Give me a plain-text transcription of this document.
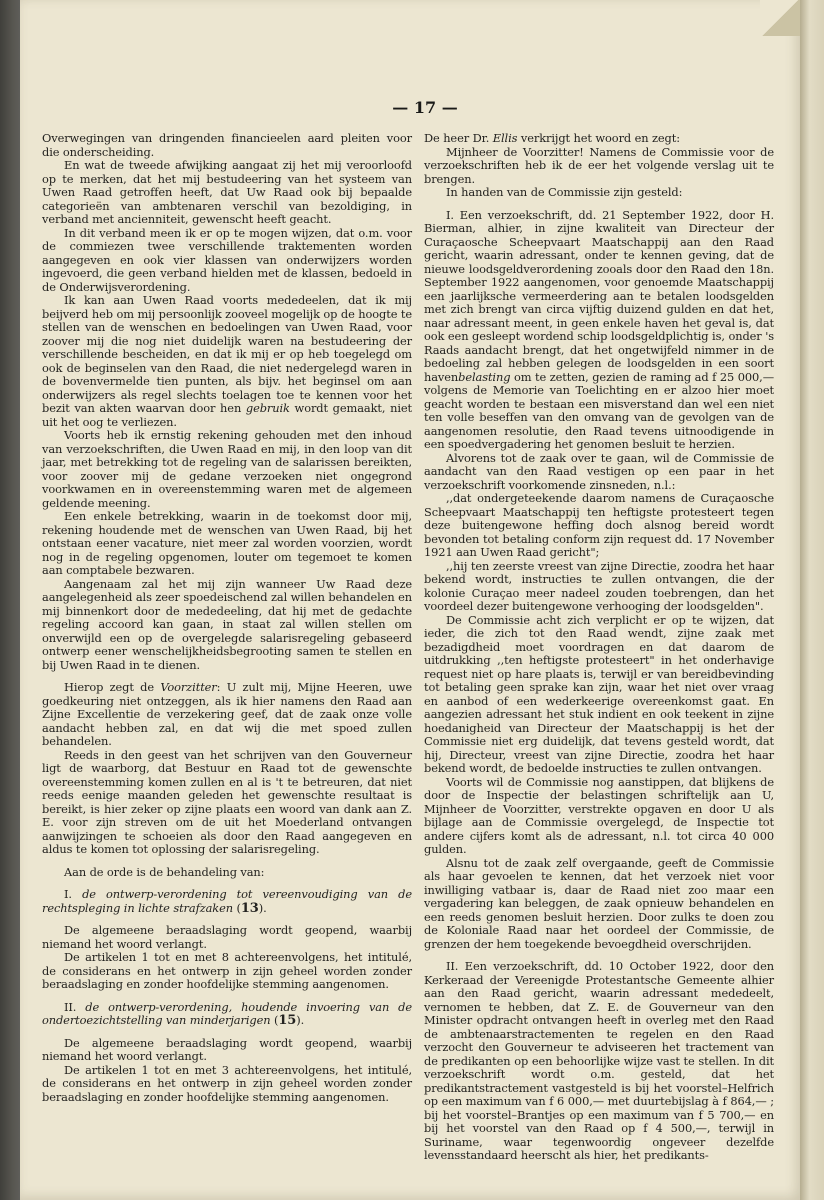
— 17 —

Overwegingen van dringenden financieelen aard pleiten voor die onderscheiding.

En wat de tweede afwijking aangaat zij het mij veroorloofd op te merken, dat het mij bestudeering van het systeem van Uwen Raad getroffen heeft, dat Uw Raad ook bij bepaalde categorieën van ambtenaren verschil van bezoldiging, in verband met ancienniteit, gewenscht heeft geacht.

In dit verband meen ik er op te mogen wijzen, dat o.m. voor de commiezen twee verschillende traktementen worden aangegeven en ook vier klassen van onderwijzers worden ingevoerd, die geen verband hielden met de klassen, bedoeld in de Onderwijsverordening.

Ik kan aan Uwen Raad voorts mededeelen, dat ik mij beijverd heb om mij persoonlijk zooveel mogelijk op de hoogte te stellen van de wenschen en bedoelingen van Uwen Raad, voor zoover mij die nog niet duidelijk waren na bestudeering der verschillende bescheiden, en dat ik mij er op heb toegelegd om ook de beginselen van den Raad, die niet nedergelegd waren in de bovenvermelde tien punten, als bijv. het beginsel om aan onderwijzers als regel slechts toelagen toe te kennen voor het bezit van akten waarvan door hen gebruik wordt gemaakt, niet uit het oog te verliezen.

Voorts heb ik ernstig rekening gehouden met den inhoud van verzoekschriften, die Uwen Raad en mij, in den loop van dit jaar, met betrekking tot de regeling van de salarissen bereikten, voor zoover mij de gedane verzoeken niet ongegrond voorkwamen en in overeenstemming waren met de algemeen geldende meening.

Een enkele betrekking, waarin in de toekomst door mij, rekening houdende met de wenschen van Uwen Raad, bij het ontstaan eener vacature, niet meer zal worden voorzien, wordt nog in de regeling opgenomen, louter om tegemoet te komen aan comptabele bezwaren.

Aangenaam zal het mij zijn wanneer Uw Raad deze aangelegenheid als zeer spoedeischend zal willen behandelen en mij binnenkort door de mededeeling, dat hij met de gedachte regeling accoord kan gaan, in staat zal willen stellen om onverwijld een op de overgelegde salarisregeling gebaseerd ontwerp eener wenschelijkheidsbegrooting samen te stellen en bij Uwen Raad in te dienen.

Hierop zegt de Voorzitter: U zult mij, Mijne Heeren, uwe goedkeuring niet ontzeggen, als ik hier namens den Raad aan Zijne Excellentie de verzekering geef, dat de zaak onze volle aandacht hebben zal, en dat wij die met spoed zullen behandelen.

Reeds in den geest van het schrijven van den Gouverneur ligt de waarborg, dat Bestuur en Raad tot de gewenschte overeenstemming komen zullen en al is 't te betreuren, dat niet reeds eenige maanden geleden het gewenschte resultaat is bereikt, is hier zeker op zijne plaats een woord van dank aan Z. E. voor zijn streven om de uit het Moederland ontvangen aanwijzingen te schoeien als door den Raad aangegeven en aldus te komen tot oplossing der salarisregeling.

Aan de orde is de behandeling van:

I. de ontwerp-verordening tot vereenvoudiging van de rechtspleging in lichte strafzaken (13).

De algemeene beraadslaging wordt geopend, waarbij niemand het woord verlangt.

De artikelen 1 tot en met 8 achtereenvolgens, het intitulé, de considerans en het ontwerp in zijn geheel worden zonder beraadslaging en zonder hoofdelijke stemming aangenomen.

II. de ontwerp-verordening, houdende invoering van de ondertoezichtstelling van minderjarigen (15).

De algemeene beraadslaging wordt geopend, waarbij niemand het woord verlangt.

De artikelen 1 tot en met 3 achtereenvolgens, het intitulé, de considerans en het ontwerp in zijn geheel worden zonder beraadslaging en zonder hoofdelijke stemming aangenomen.

De heer Dr. Ellis verkrijgt het woord en zegt:

Mijnheer de Voorzitter! Namens de Commissie voor de verzoekschriften heb ik de eer het volgende verslag uit te brengen.

In handen van de Commissie zijn gesteld:

I. Een verzoekschrift, dd. 21 September 1922, door H. Bierman, alhier, in zijne kwaliteit van Directeur der Curaçaosche Scheepvaart Maatschappij aan den Raad gericht, waarin adressant, onder te kennen geving, dat de nieuwe loodsgeldverordening zooals door den Raad den 18n. September 1922 aangenomen, voor genoemde Maatschappij een jaarlijksche vermeerdering aan te betalen loodsgelden met zich brengt van circa vijftig duizend gulden en dat het, naar adressant meent, in geen enkele haven het geval is, dat ook een gesleept wordend schip loodsgeldplichtig is, onder 's Raads aandacht brengt, dat het ongetwijfeld nimmer in de bedoeling zal hebben gelegen de loodsgelden in een soort havenbelasting om te zetten, gezien de raming ad f 25 000,— volgens de Memorie van Toelichting en er alzoo hier moet geacht worden te bestaan een misverstand dan wel een niet ten volle beseffen van den omvang van de gevolgen van de aangenomen resolutie, den Raad tevens uitnoodigende in een spoedvergadering het genomen besluit te herzien.

Alvorens tot de zaak over te gaan, wil de Commissie de aandacht van den Raad vestigen op een paar in het verzoekschrift voorkomende zinsneden, n.l.:

,,dat ondergeteekende daarom namens de Curaçaosche Scheepvaart Maatschappij ten heftigste protesteert tegen deze buitengewone heffing doch alsnog bereid wordt bevonden tot betaling conform zijn request dd. 17 November 1921 aan Uwen Raad gericht";

,,hij ten zeerste vreest van zijne Directie, zoodra het haar bekend wordt, instructies te zullen ontvangen, die der kolonie Curaçao meer nadeel zouden toebrengen, dan het voordeel dezer buitengewone verhooging der loodsgelden".

De Commissie acht zich verplicht er op te wijzen, dat ieder, die zich tot den Raad wendt, zijne zaak met bezadigdheid moet voordragen en dat daarom de uitdrukking ,,ten heftigste protesteert" in het onderhavige request niet op hare plaats is, terwijl er van bereidbevinding tot betaling geen sprake kan zijn, waar het niet over vraag en aanbod of een wederkeerige overeenkomst gaat. En aangezien adressant het stuk indient en ook teekent in zijne hoedanigheid van Directeur der Maatschappij is het der Commissie niet erg duidelijk, dat tevens gesteld wordt, dat hij, Directeur, vreest van zijne Directie, zoodra het haar bekend wordt, de bedoelde instructies te zullen ontvangen.

Voorts wil de Commissie nog aanstippen, dat blijkens de door de Inspectie der belastingen schriftelijk aan U, Mijnheer de Voorzitter, verstrekte opgaven en door U als bijlage aan de Commissie overgelegd, de Inspectie tot andere cijfers komt als de adressant, n.l. tot circa 40 000 gulden.

Alsnu tot de zaak zelf overgaande, geeft de Commissie als haar gevoelen te kennen, dat het verzoek niet voor inwilliging vatbaar is, daar de Raad niet zoo maar een vergadering kan beleggen, de zaak opnieuw behandelen en een reeds genomen besluit herzien. Door zulks te doen zou de Koloniale Raad naar het oordeel der Commissie, de grenzen der hem toegekende bevoegdheid overschrijden.

II. Een verzoekschrift, dd. 10 October 1922, door den Kerkeraad der Vereenigde Protestantsche Gemeente alhier aan den Raad gericht, waarin adressant mededeelt, vernomen te hebben, dat Z. E. de Gouverneur van den Minister opdracht ontvangen heeft in overleg met den Raad de ambtenaarstractementen te regelen en den Raad verzocht den Gouverneur te adviseeren het tractement van de predikanten op een behoorlijke wijze vast te stellen. In dit verzoekschrift wordt o.m. gesteld, dat het predikantstractement vastgesteld is bij het voorstel–Helfrich op een maximum van f 6 000,— met duurtebijslag à f 864,— ; bij het voorstel–Brantjes op een maximum van f 5 700,— en bij het voorstel van den Raad op f 4 500,—, terwijl in Suriname, waar tegenwoordig ongeveer dezelfde levensstandaard heerscht als hier, het predikants-
